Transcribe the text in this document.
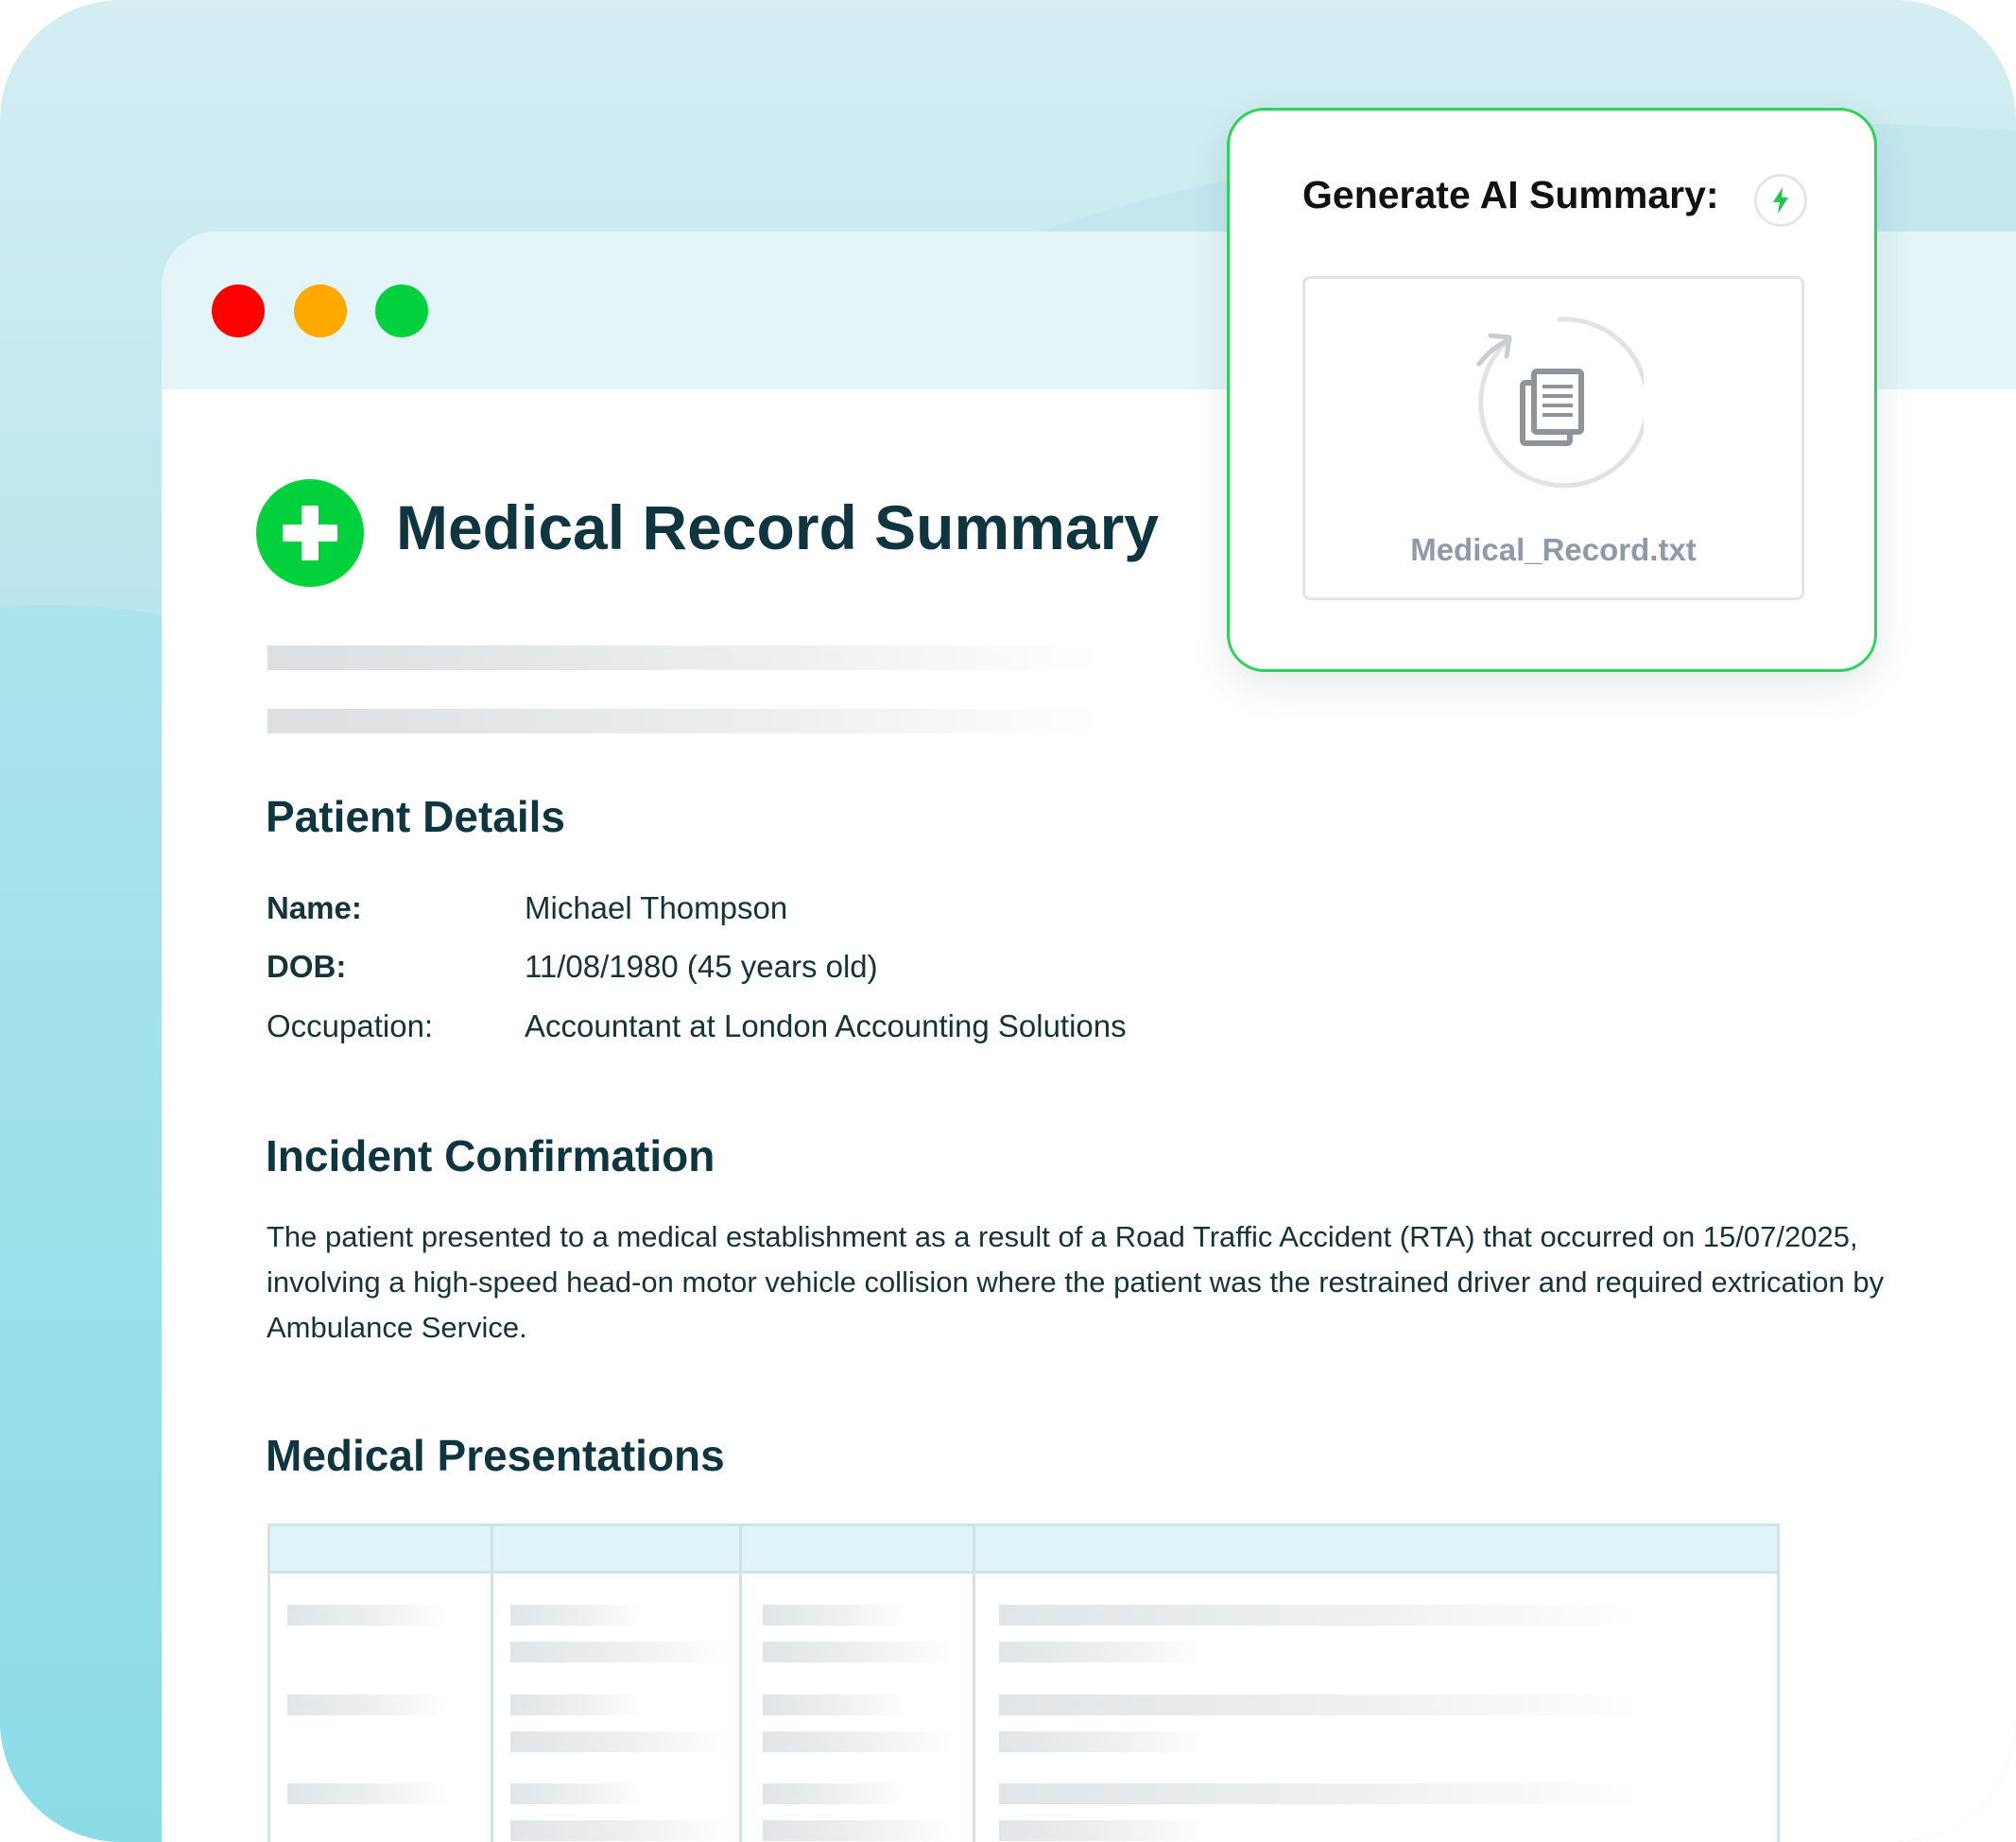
Medical Record Summary
Patient Details
Name:	Michael Thompson
DOB:	11/08/1980 (45 years old)
Occupation:	Accountant at London Accounting Solutions
Incident Confirmation

The patient presented to a medical establishment as a result of a Road Traffic Accident (RTA) that occurred on 15/07/2025, involving a high-speed head-on motor vehicle collision where the patient was the restrained driver and required extrication by Ambulance Service.

Medical Presentations
Generate AI Summary:
Medical_Record.txt
